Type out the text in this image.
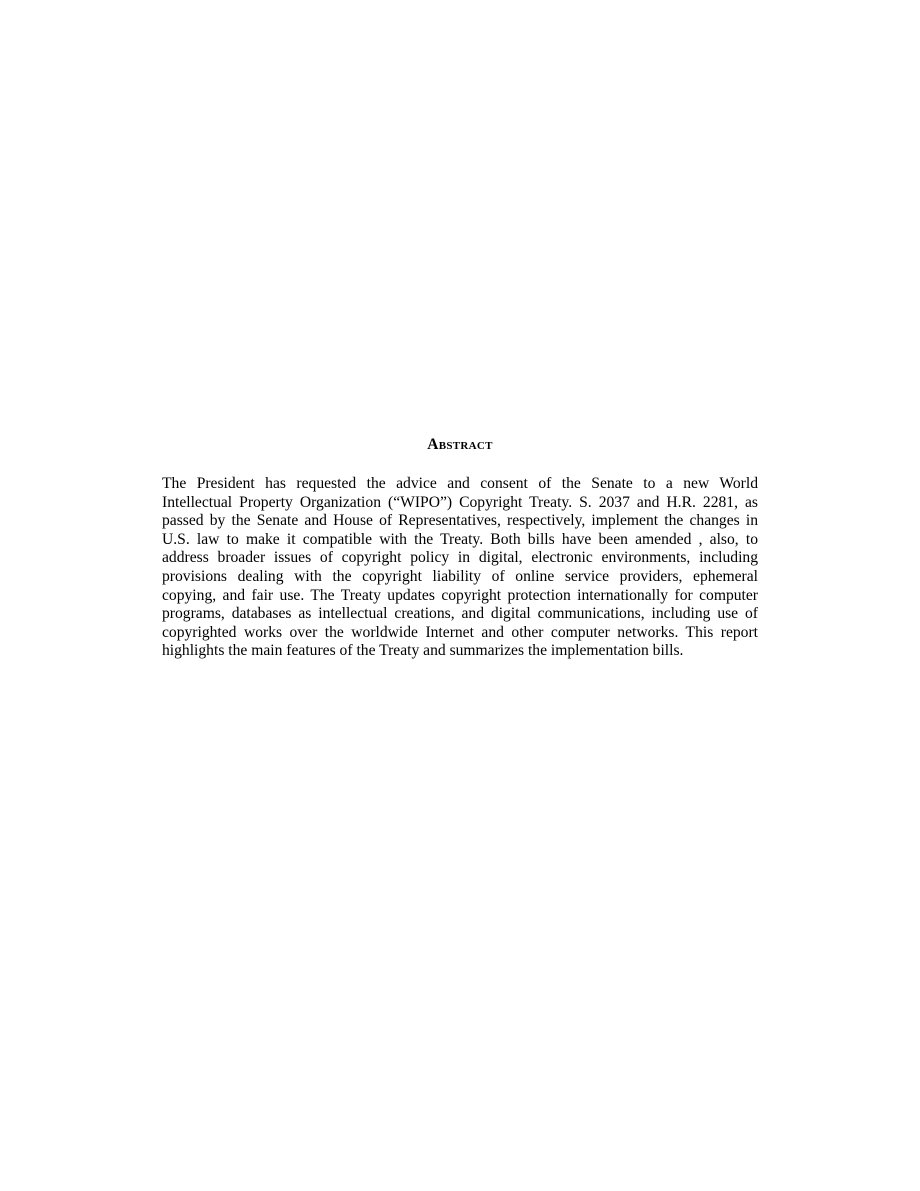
Abstract

The President has requested the advice and consent of the Senate to a new World
Intellectual Property Organization (“WIPO”) Copyright Treaty. S. 2037 and H.R. 2281, as
passed by the Senate and House of Representatives, respectively, implement the changes in
U.S. law to make it compatible with the Treaty. Both bills have been amended , also, to
address broader issues of copyright policy in digital, electronic environments, including
provisions dealing with the copyright liability of online service providers, ephemeral
copying, and fair use. The Treaty updates copyright protection internationally for computer
programs, databases as intellectual creations, and digital communications, including use of
copyrighted works over the worldwide Internet and other computer networks. This report
highlights the main features of the Treaty and summarizes the implementation bills.
